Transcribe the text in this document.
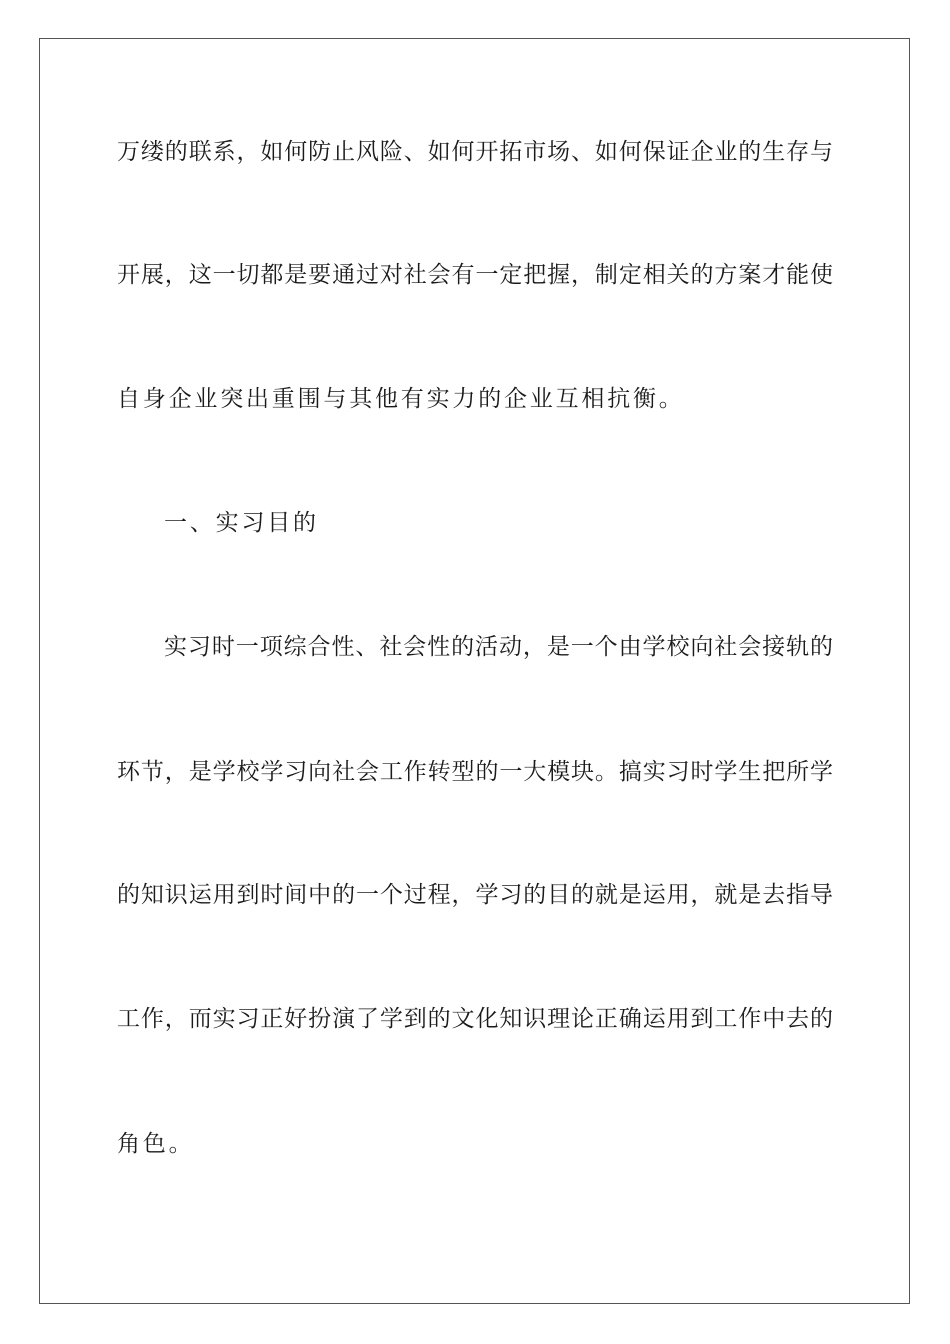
万缕的联系，如何防止风险、如何开拓市场、如何保证企业的生存与

开展，这一切都是要通过对社会有一定把握，制定相关的方案才能使

自身企业突出重围与其他有实力的企业互相抗衡。

一、实习目的

实习时一项综合性、社会性的活动，是一个由学校向社会接轨的

环节，是学校学习向社会工作转型的一大模块。搞实习时学生把所学

的知识运用到时间中的一个过程，学习的目的就是运用，就是去指导

工作，而实习正好扮演了学到的文化知识理论正确运用到工作中去的

角色。
